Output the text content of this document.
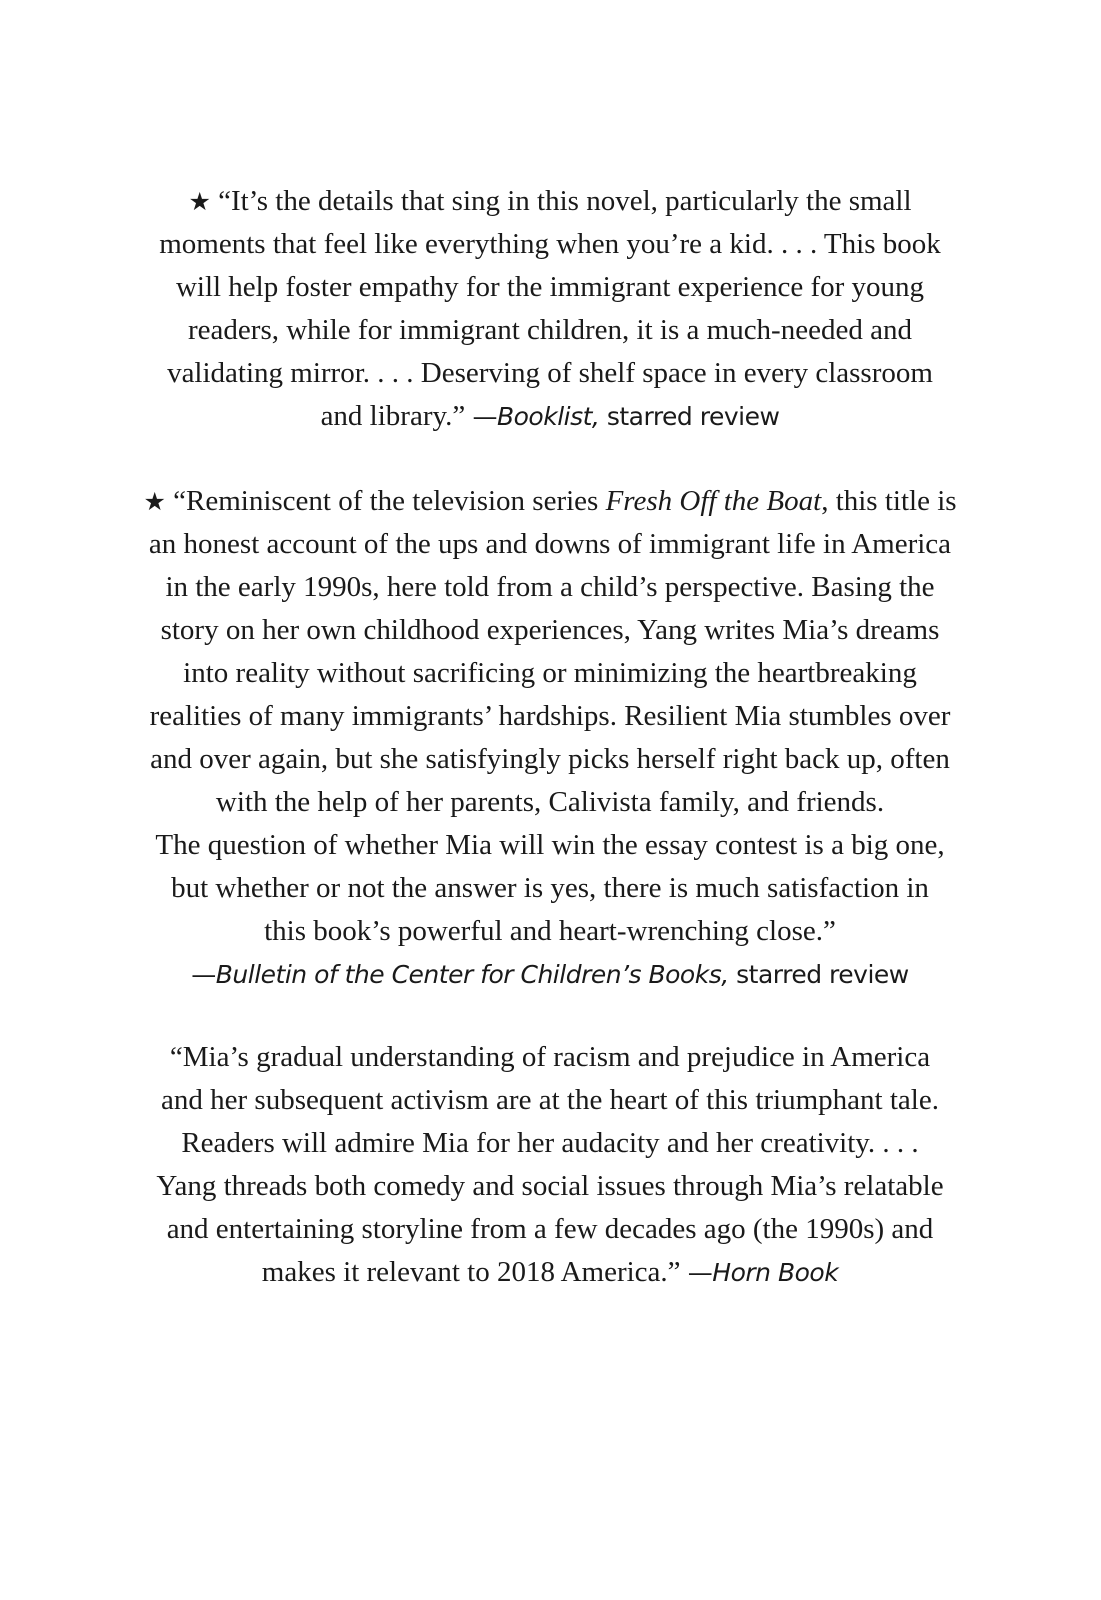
★ “It’s the details that sing in this novel, particularly the small
moments that feel like everything when you’re a kid. . . . This book
will help foster empathy for the immigrant experience for young
readers, while for immigrant children, it is a much-needed and
validating mirror. . . . Deserving of shelf space in every classroom
and library.” —Booklist, starred review
★ “Reminiscent of the television series Fresh Off the Boat, this title is
an honest account of the ups and downs of immigrant life in America
in the early 1990s, here told from a child’s perspective. Basing the
story on her own childhood experiences, Yang writes Mia’s dreams
into reality without sacrificing or minimizing the heartbreaking
realities of many immigrants’ hardships. Resilient Mia stumbles over
and over again, but she satisfyingly picks herself right back up, often
with the help of her parents, Calivista family, and friends.
The question of whether Mia will win the essay contest is a big one,
but whether or not the answer is yes, there is much satisfaction in
this book’s powerful and heart-wrenching close.”
—Bulletin of the Center for Children’s Books, starred review
“Mia’s gradual understanding of racism and prejudice in America
and her subsequent activism are at the heart of this triumphant tale.
Readers will admire Mia for her audacity and her creativity. . . .
Yang threads both comedy and social issues through Mia’s relatable
and entertaining storyline from a few decades ago (the 1990s) and
makes it relevant to 2018 America.” —Horn Book
